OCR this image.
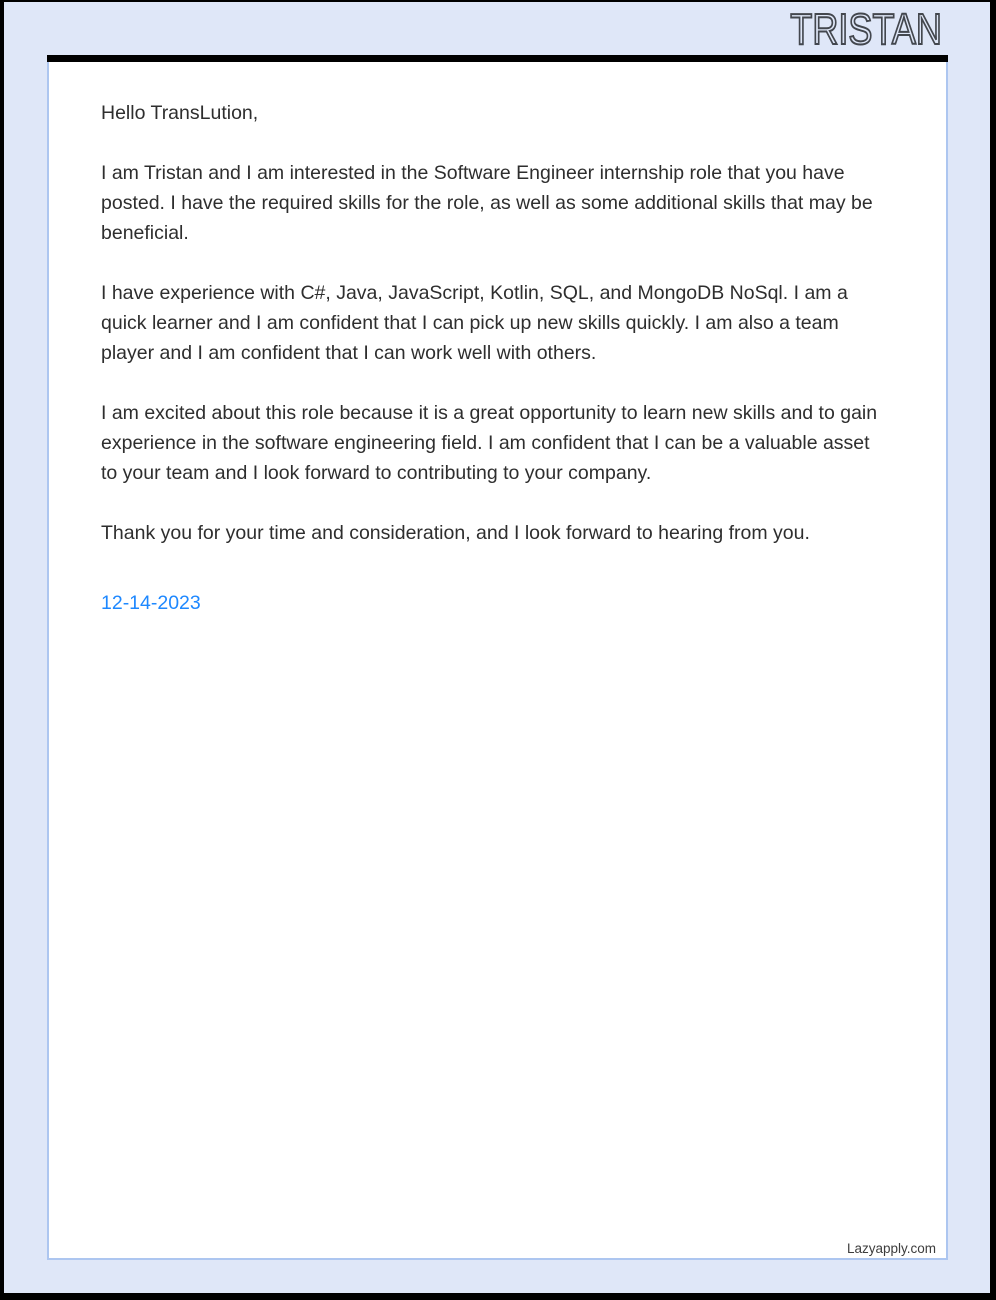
TRISTAN

Hello TransLution,

I am Tristan and I am interested in the Software Engineer internship role that you have posted. I have the required skills for the role, as well as some additional skills that may be beneficial.

I have experience with C#, Java, JavaScript, Kotlin, SQL, and MongoDB NoSql. I am a quick learner and I am confident that I can pick up new skills quickly. I am also a team player and I am confident that I can work well with others.

I am excited about this role because it is a great opportunity to learn new skills and to gain experience in the software engineering field. I am confident that I can be a valuable asset to your team and I look forward to contributing to your company.

Thank you for your time and consideration, and I look forward to hearing from you.

12-14-2023
Lazyapply.com
